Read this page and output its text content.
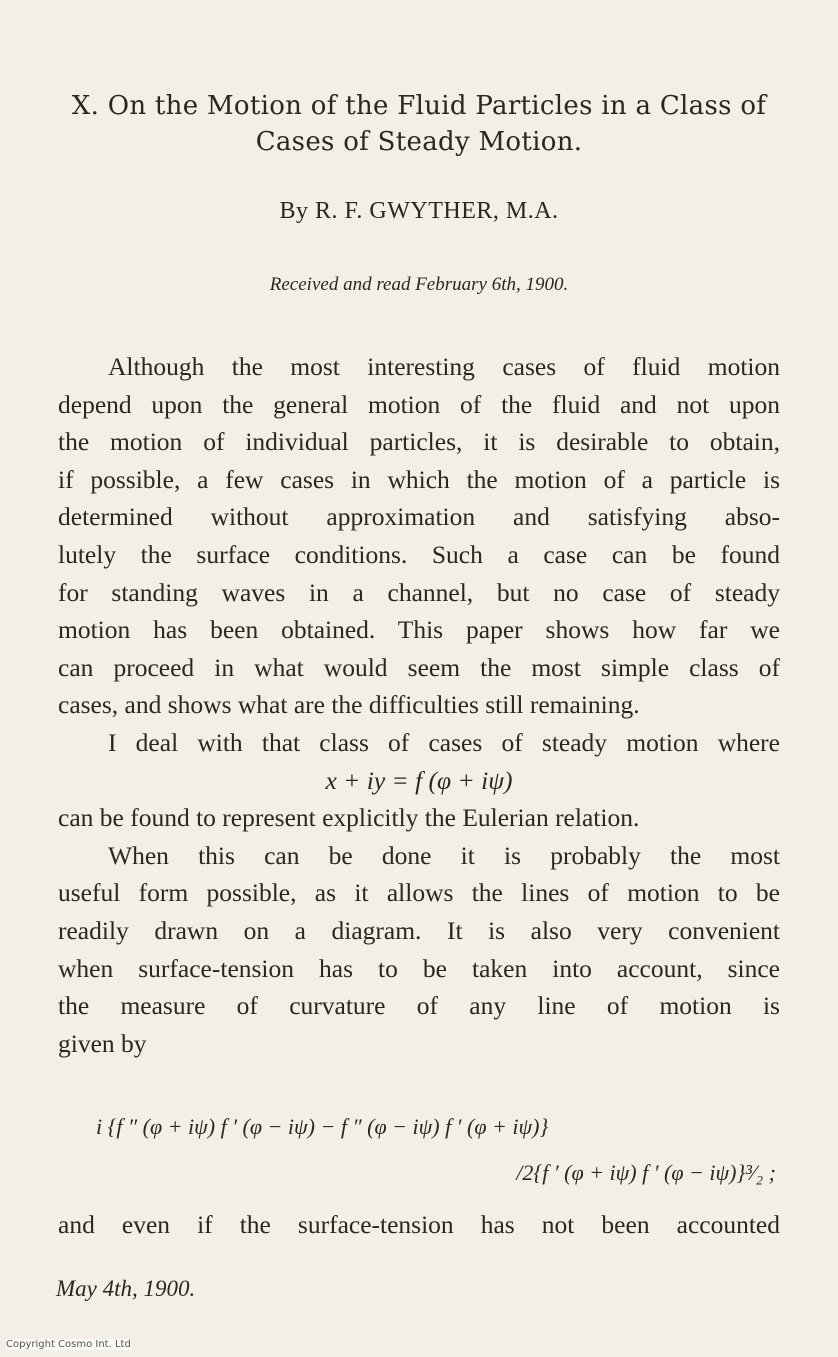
X. On the Motion of the Fluid Particles in a Class of
Cases of Steady Motion.
By R. F. GWYTHER, M.A.
Received and read February 6th, 1900.
Although the most interesting cases of fluid motion
depend upon the general motion of the fluid and not upon
the motion of individual particles, it is desirable to obtain,
if possible, a few cases in which the motion of a particle is
determined without approximation and satisfying abso-
lutely the surface conditions. Such a case can be found
for standing waves in a channel, but no case of steady
motion has been obtained. This paper shows how far we
can proceed in what would seem the most simple class of
cases, and shows what are the difficulties still remaining.
I deal with that class of cases of steady motion where
x + iy = f (φ + iψ)
can be found to represent explicitly the Eulerian relation.
When this can be done it is probably the most
useful form possible, as it allows the lines of motion to be
readily drawn on a diagram. It is also very convenient
when surface-tension has to be taken into account, since
the measure of curvature of any line of motion is
given by
i {f ″ (φ + iψ) f ′ (φ − iψ) − f ″ (φ − iψ) f ′ (φ + iψ)}
/2{f ′ (φ + iψ) f ′ (φ − iψ)}³⁄₂ ;
and even if the surface-tension has not been accounted
May 4th, 1900.
Copyright Cosmo Int. Ltd
